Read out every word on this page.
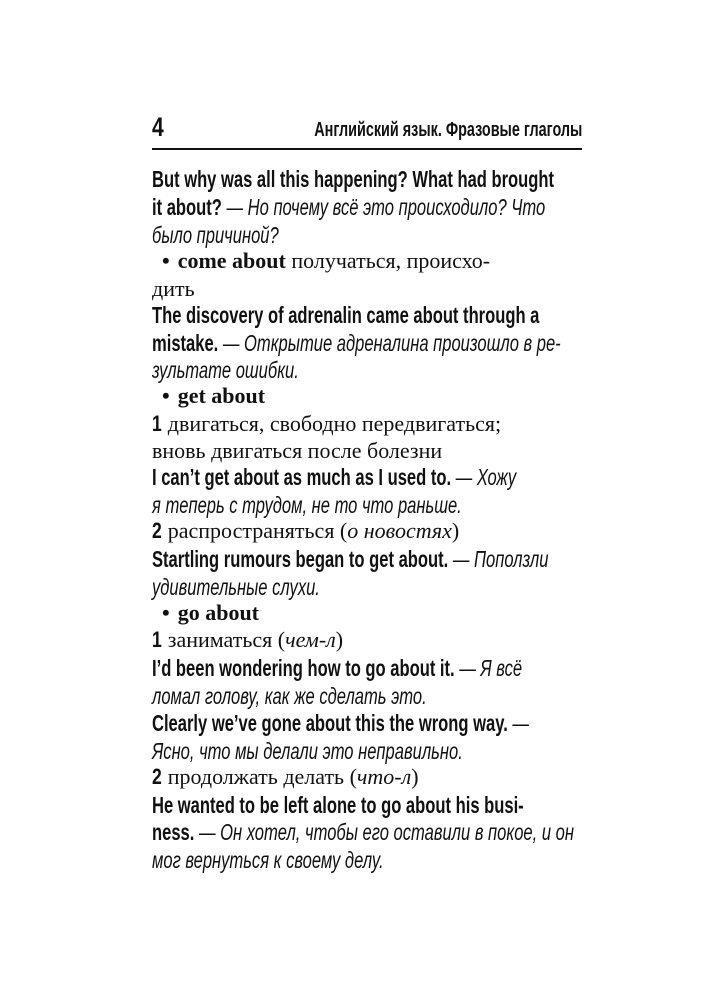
4	Английский язык. Фразовые глаголы
But why was all this happening? What had brought
it about? — Но почему всё это происходило? Что
было причиной?
• come about получаться, происхо-
дить
The discovery of adrenalin came about through a
mistake. — Открытие адреналина произошло в ре-
зультате ошибки.
• get about
1 двигаться, свободно передвигаться;
вновь двигаться после болезни
I can’t get about as much as I used to. — Хожу
я теперь с трудом, не то что раньше.
2 распространяться (о новостях)
Startling rumours began to get about. — Поползли
удивительные слухи.
• go about
1 заниматься (чем-л)
I’d been wondering how to go about it. — Я всё
ломал голову, как же сделать это.
Clearly we’ve gone about this the wrong way. —
Ясно, что мы делали это неправильно.
2 продолжать делать (что-л)
He wanted to be left alone to go about his busi-
ness. — Он хотел, чтобы его оставили в покое, и он
мог вернуться к своему делу.
